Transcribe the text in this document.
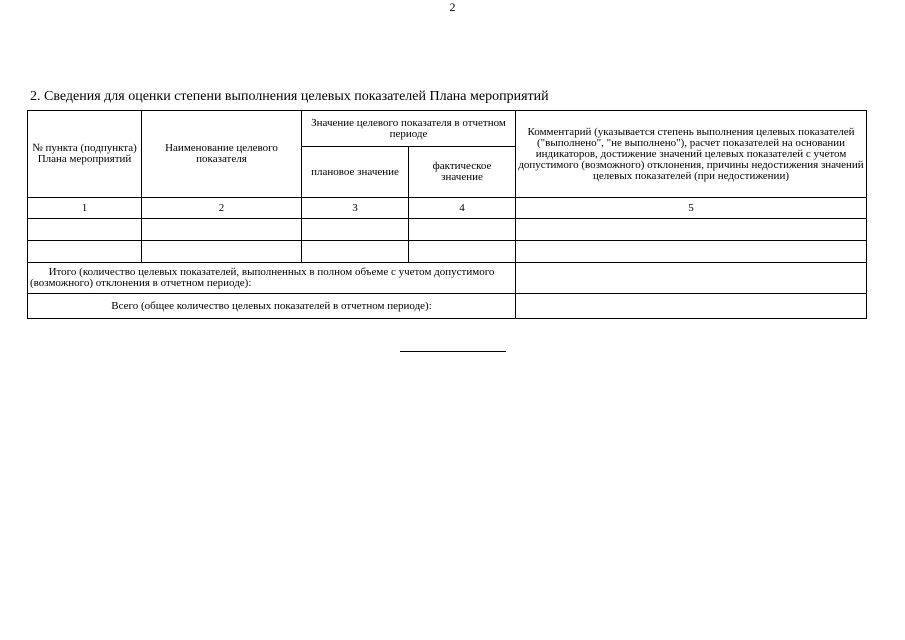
2
2. Сведения для оценки степени выполнения целевых показателей Плана мероприятий
№ пункта (подпункта) Плана мероприятий	Наименование целевого показателя	Значение целевого показателя в отчетном периоде		Комментарий (указывается степень выполнения целевых показателей ("выполнено", "не выполнено"), расчет показателей на основании индикаторов, достижение значений целевых показателей с учетом допустимого (возможного) отклонения, причины недостижения значений целевых показателей (при недостижении)
		плановое значение	фактическое значение	
1	2	3	4	5

Итого (количество целевых показателей, выполненных в полном объеме с учетом допустимого (возможного) отклонения в отчетном периоде):				
Всего (общее количество целевых показателей в отчетном периоде):				
